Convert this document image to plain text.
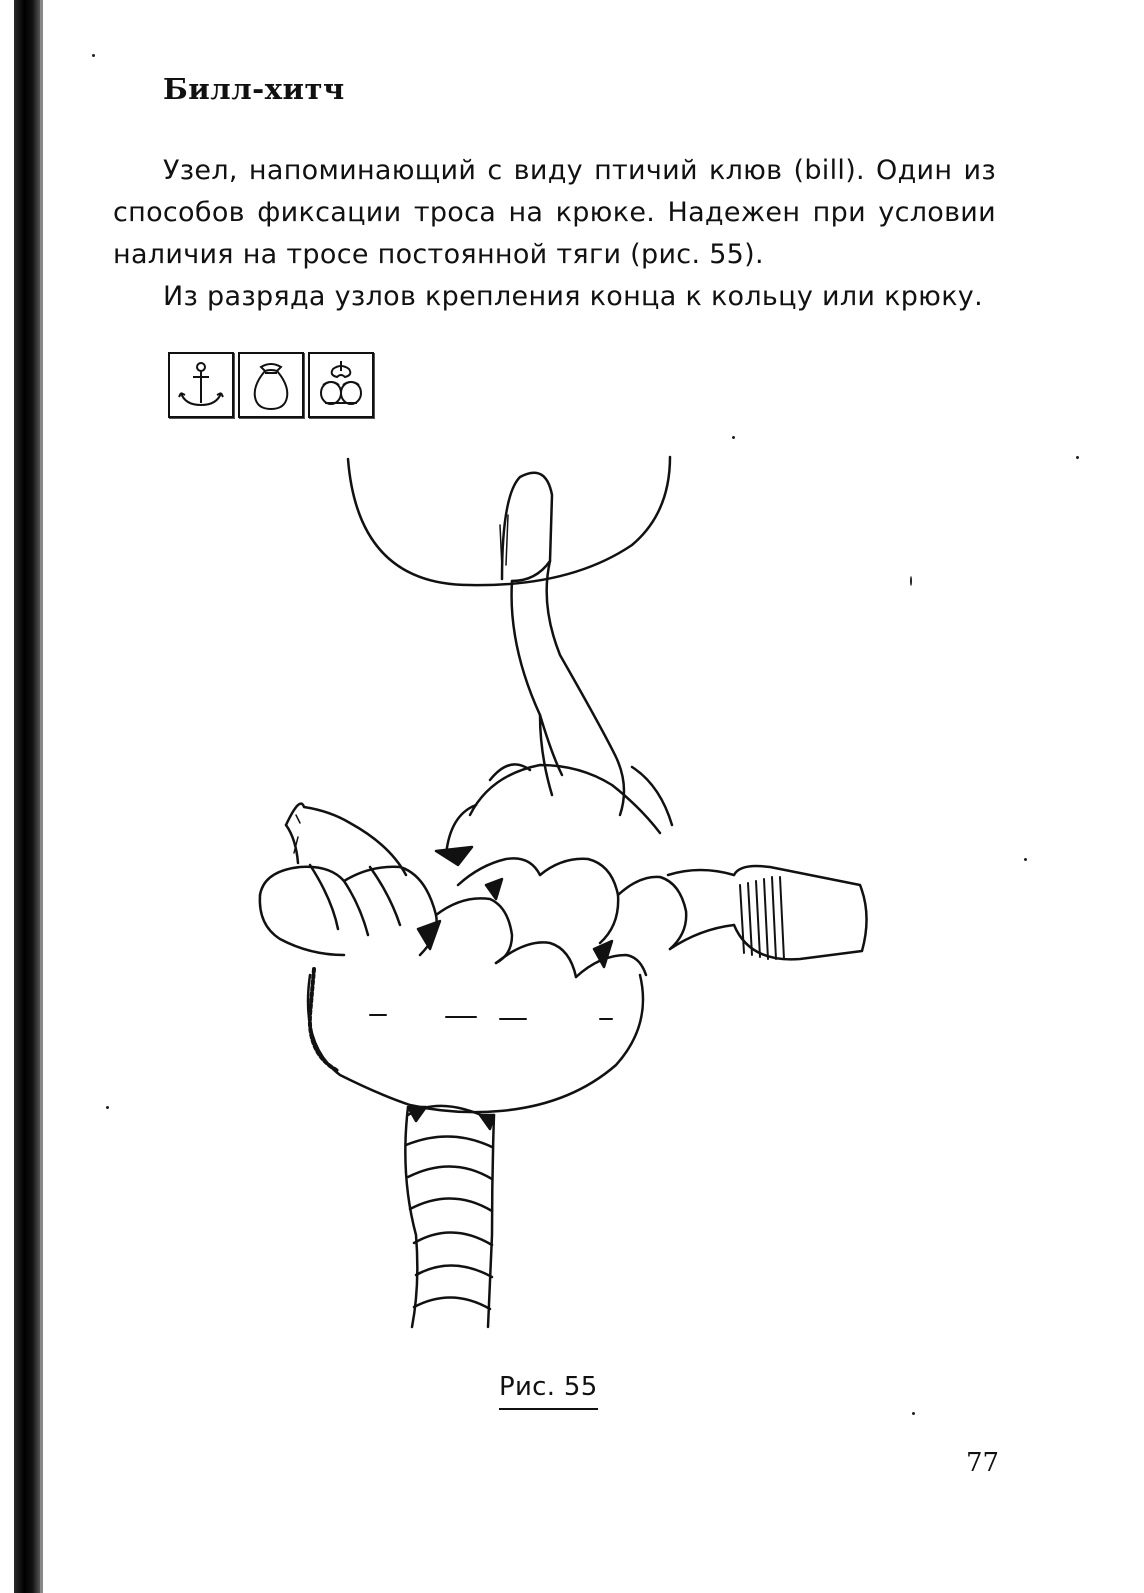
Билл-хитч

Узел, напоминающий с виду птичий клюв (bill). Один из способов фиксации троса на крюке. Надежен при условии наличия на тросе постоянной тяги (рис. 55).

Из разряда узлов крепления конца к кольцу или крюку.

Рис. 55
77
